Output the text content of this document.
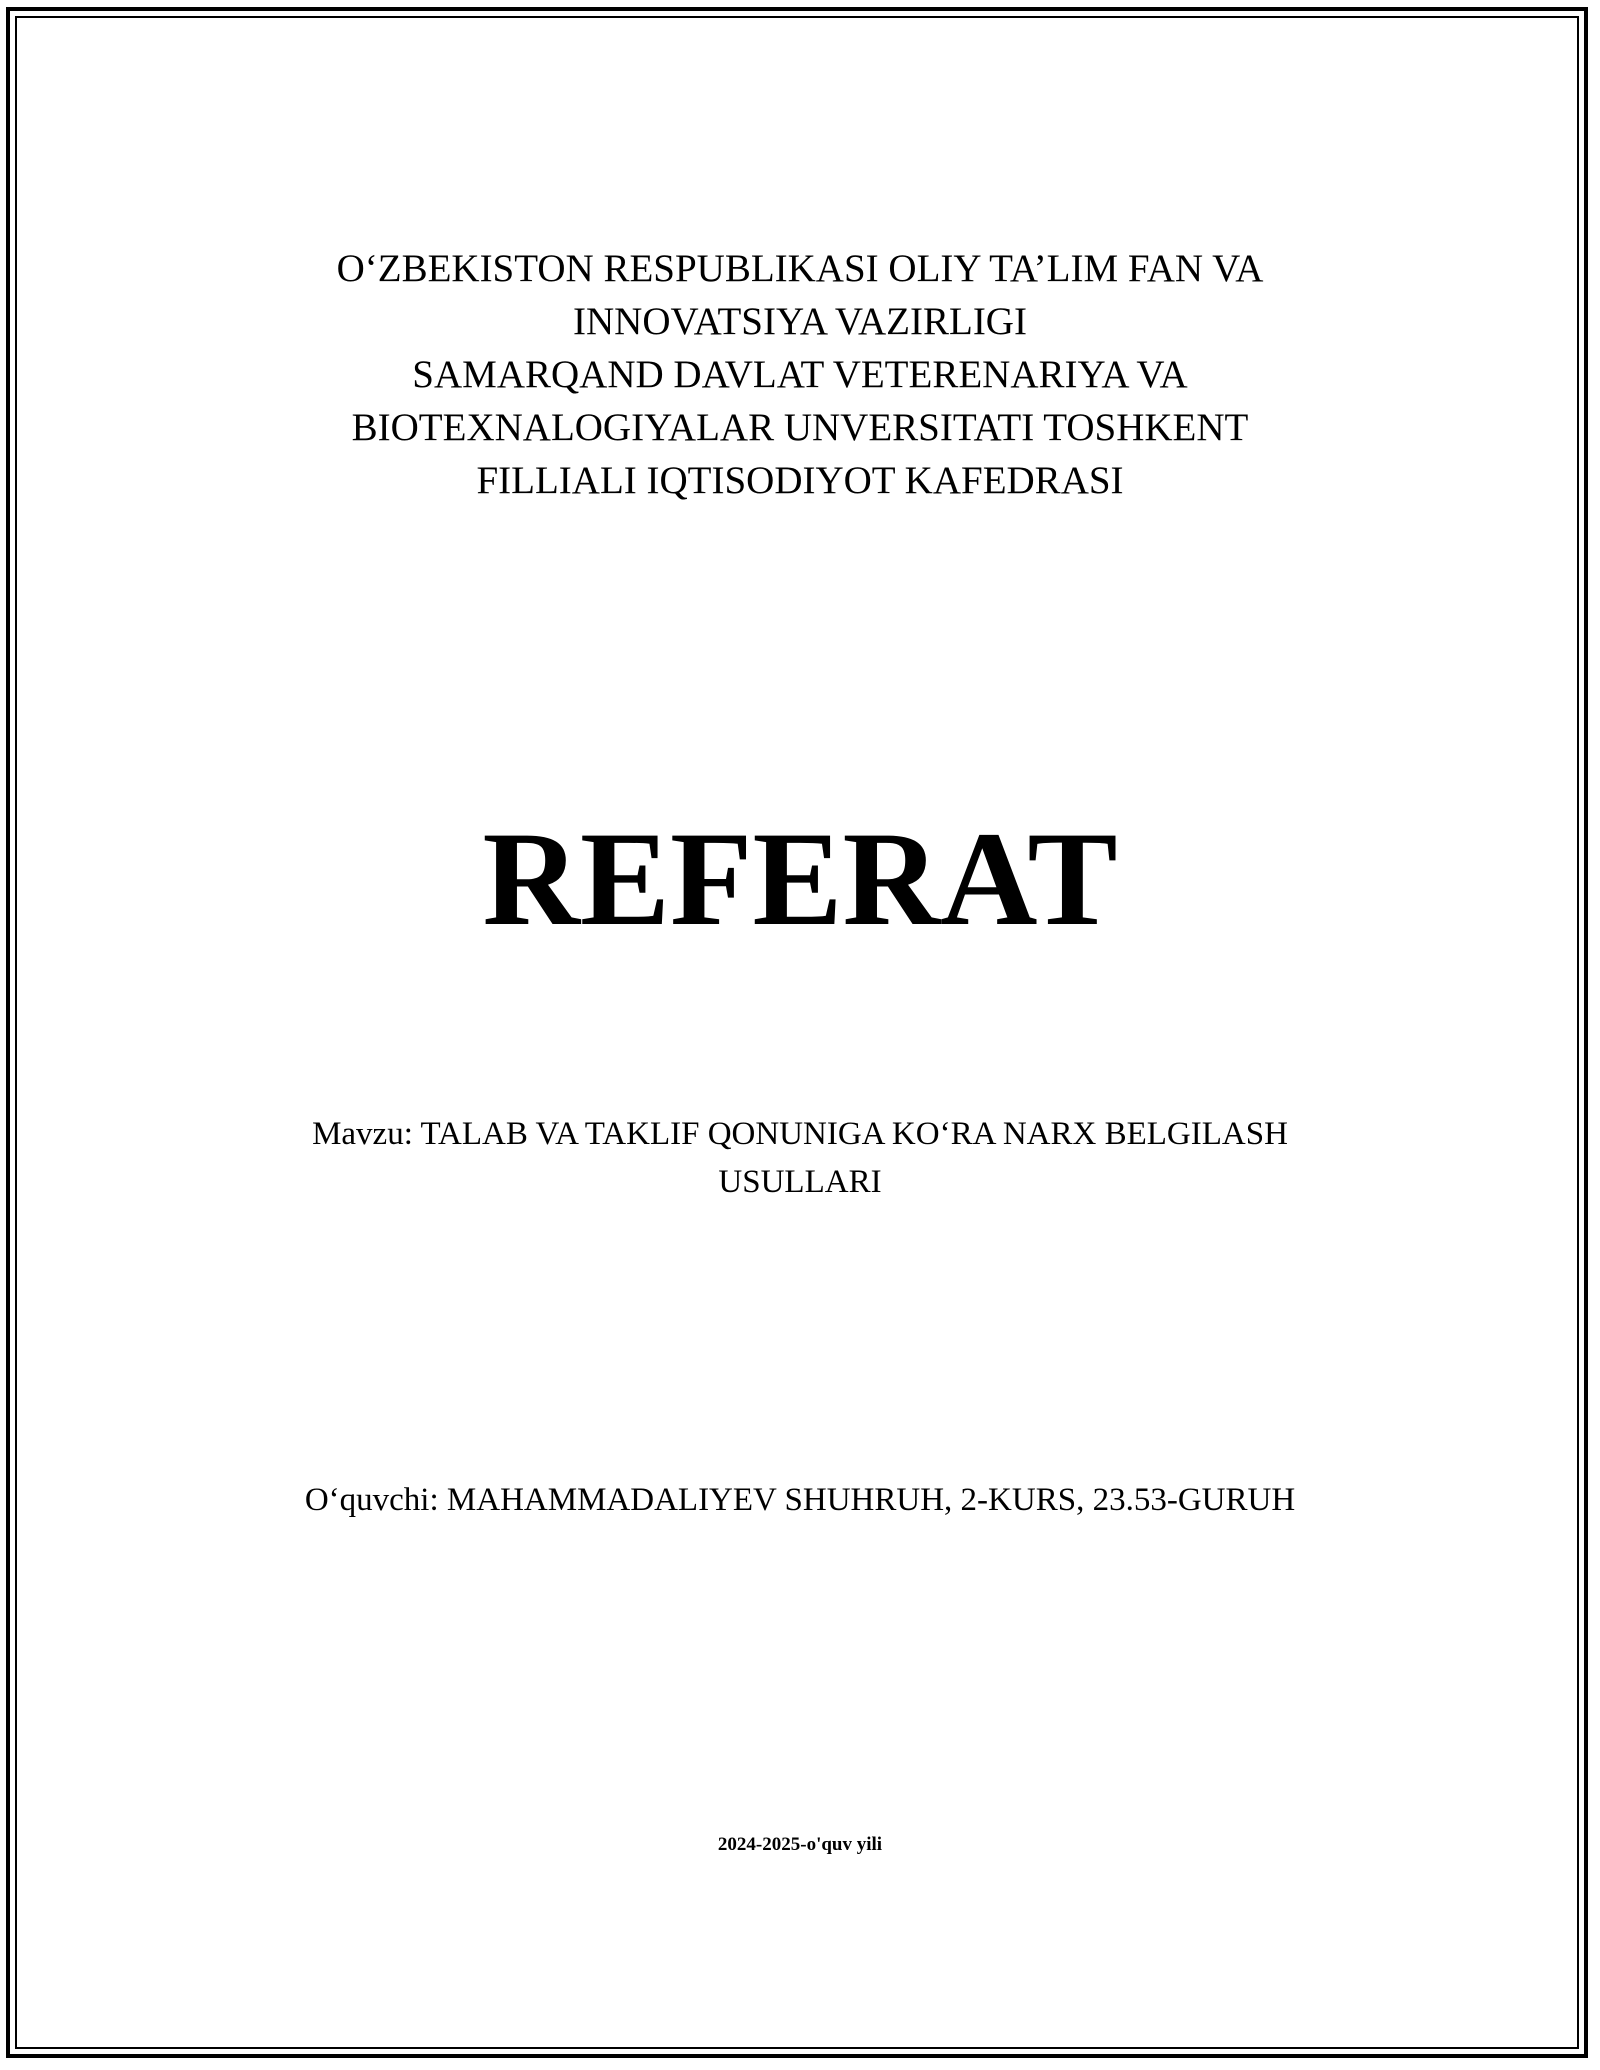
O‘ZBEKISTON RESPUBLIKASI OLIY TA’LIM FAN VA
INNOVATSIYA VAZIRLIGI
SAMARQAND DAVLAT VETERENARIYA VA
BIOTEXNALOGIYALAR UNVERSITATI TOSHKENT
FILLIALI IQTISODIYOT KAFEDRASI
REFERAT
Mavzu: TALAB VA TAKLIF QONUNIGA KO‘RA NARX BELGILASH
USULLARI
O‘quvchi: MAHAMMADALIYEV SHUHRUH, 2-KURS, 23.53-GURUH
2024-2025-o'quv yili
